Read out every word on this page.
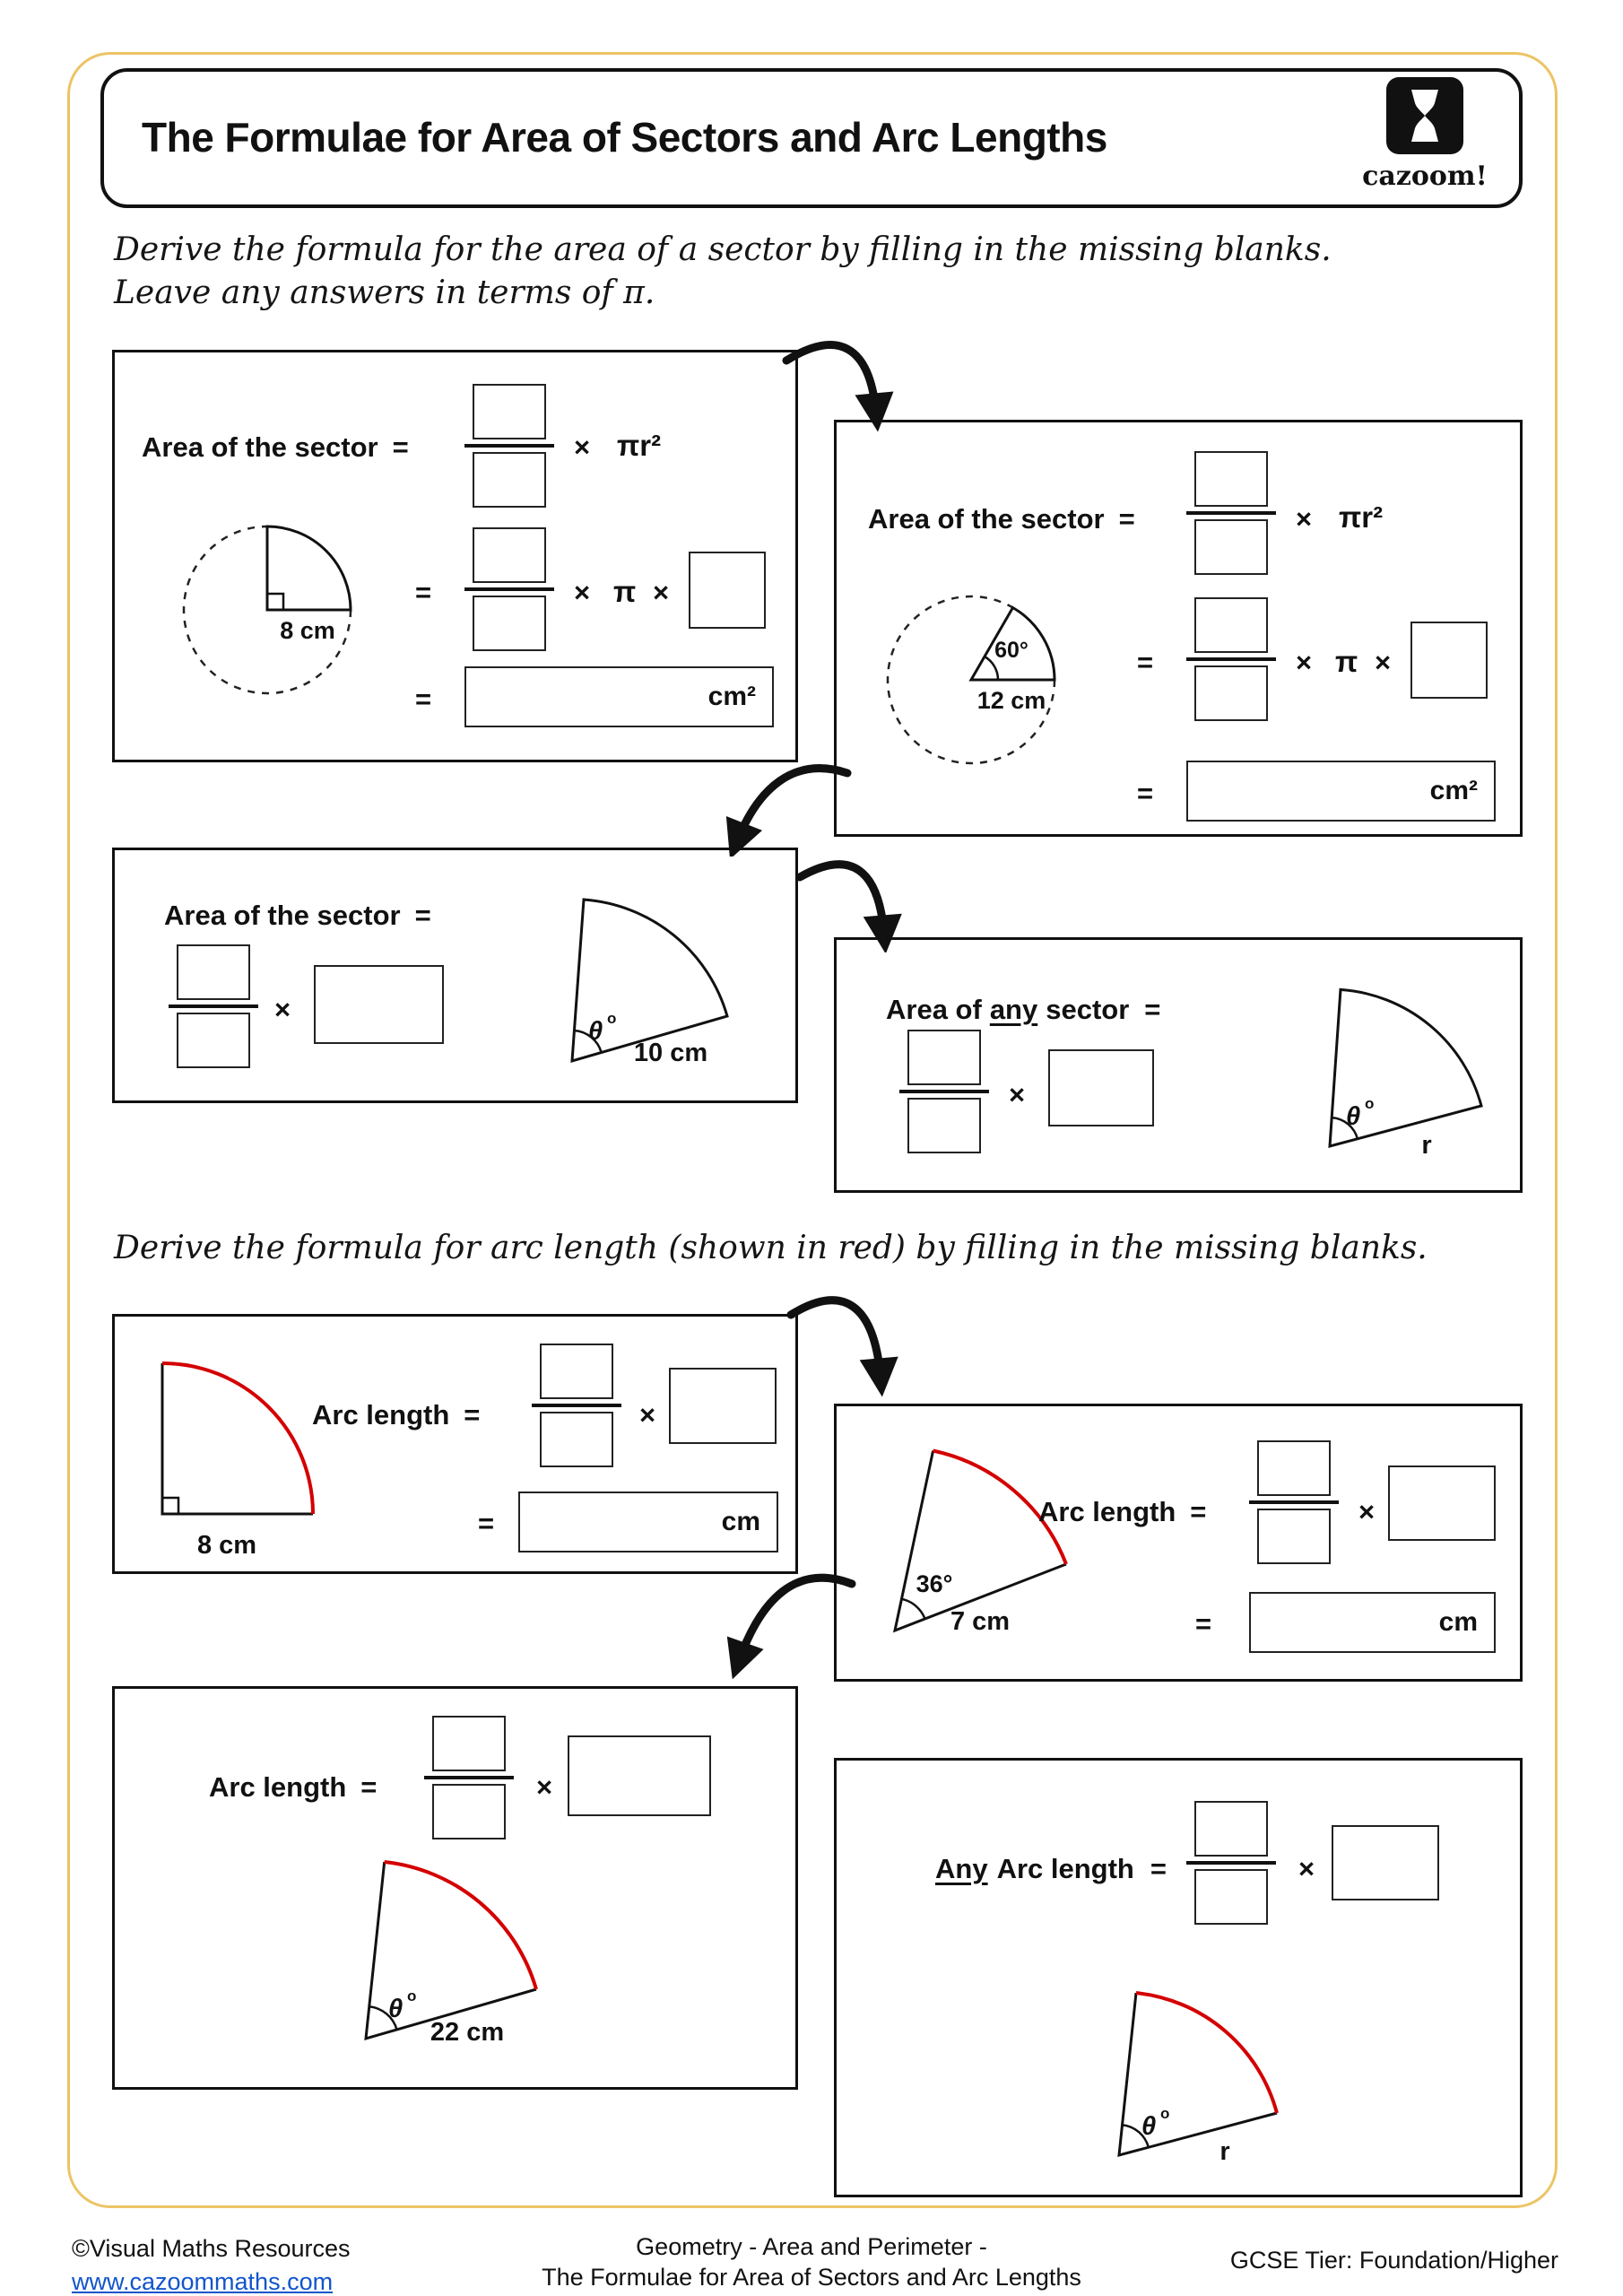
The Formulae for Area of Sectors and Arc Lengths
cazoom!
Derive the formula for the area of a sector by filling in the missing blanks.
Leave any answers in terms of π.
Area of the sector =	× πr²
8 cm
=	× π ×
=	cm²
Area of the sector =	× πr²
60°
12 cm
=	× π ×
=	cm²
Area of the sector =
×
θ o
10 cm
Area of any sector =
×
θ o
r
Derive the formula for arc length (shown in red) by filling in the missing blanks.
8 cm
Arc length =	×
=	cm
36°
7 cm
Arc length =	×
=	cm
Arc length =	×
θ o
22 cm
Any Arc length =	×
θ o
r
©Visual Maths Resources
www.cazoommaths.com
Geometry - Area and Perimeter -
The Formulae for Area of Sectors and Arc Lengths
GCSE Tier: Foundation/Higher
